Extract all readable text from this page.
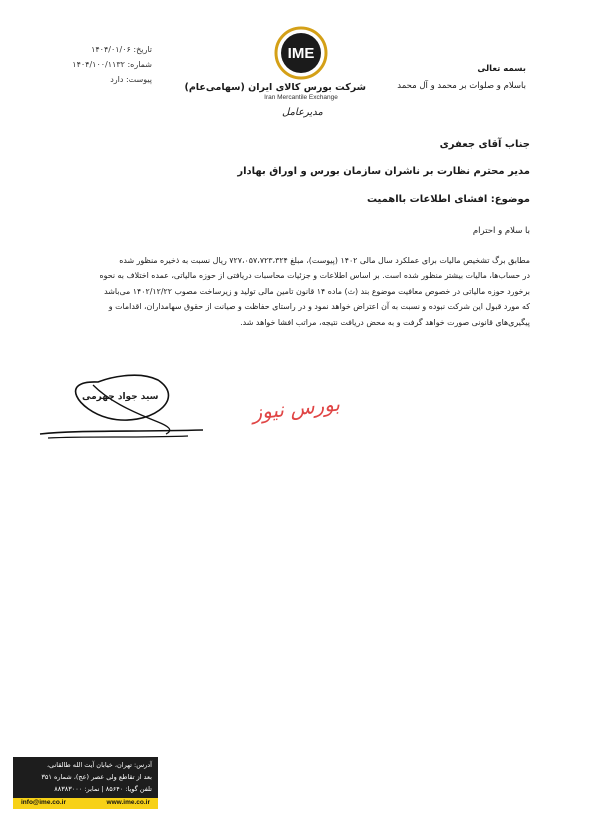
تاریخ: ۱۴۰۴/۰۱/۰۶
شماره: ۱۴۰۴/۱۰۰/۱۱۳۲
پیوست: دارد
IME
شرکت بورس کالای ایران (سهامی‌عام)
Iran Mercantile Exchange
مدیرعامل
بسمه تعالی
باسلام و صلوات بر محمد و آل محمد
جناب آقای جعفری
مدیر محترم نظارت بر ناشران سازمان بورس و اوراق بهادار
موضوع: افشای اطلاعات بااهمیت
با سلام و احترام
مطابق برگ تشخیص مالیات برای عملکرد سال مالی ۱۴۰۲ (پیوست)، مبلغ ۷۲۷،۰۵۷،۷۲۳،۳۲۴ ریال نسبت به ذخیره منظور شده
در حساب‌ها، مالیات بیشتر منظور شده است. بر اساس اطلاعات و جزئیات محاسبات دریافتی از حوزه مالیاتی، عمده اختلاف به نحوه
برخورد حوزه مالیاتی در خصوص معافیت موضوع بند (ث) ماده ۱۴ قانون تامین مالی تولید و زیرساخت مصوب ۱۴۰۲/۱۲/۲۲ می‌باشد
که مورد قبول این شرکت نبوده و نسبت به آن اعتراض خواهد نمود و در راستای حفاظت و صیانت از حقوق سهامداران، اقدامات و
پیگیری‌های قانونی صورت خواهد گرفت و به محض دریافت نتیجه، مراتب افشا خواهد شد.
سید جواد جهرمی	بورس نیوز
آدرس: تهران، خیابان آیت الله طالقانی،
بعد از تقاطع ولی عصر (عج)، شماره ۳۵۱
تلفن گویا: ۸۵۶۴۰ | نمابر: ۸۸۳۸۳۰۰۰
info@ime.co.ir	www.ime.co.ir
